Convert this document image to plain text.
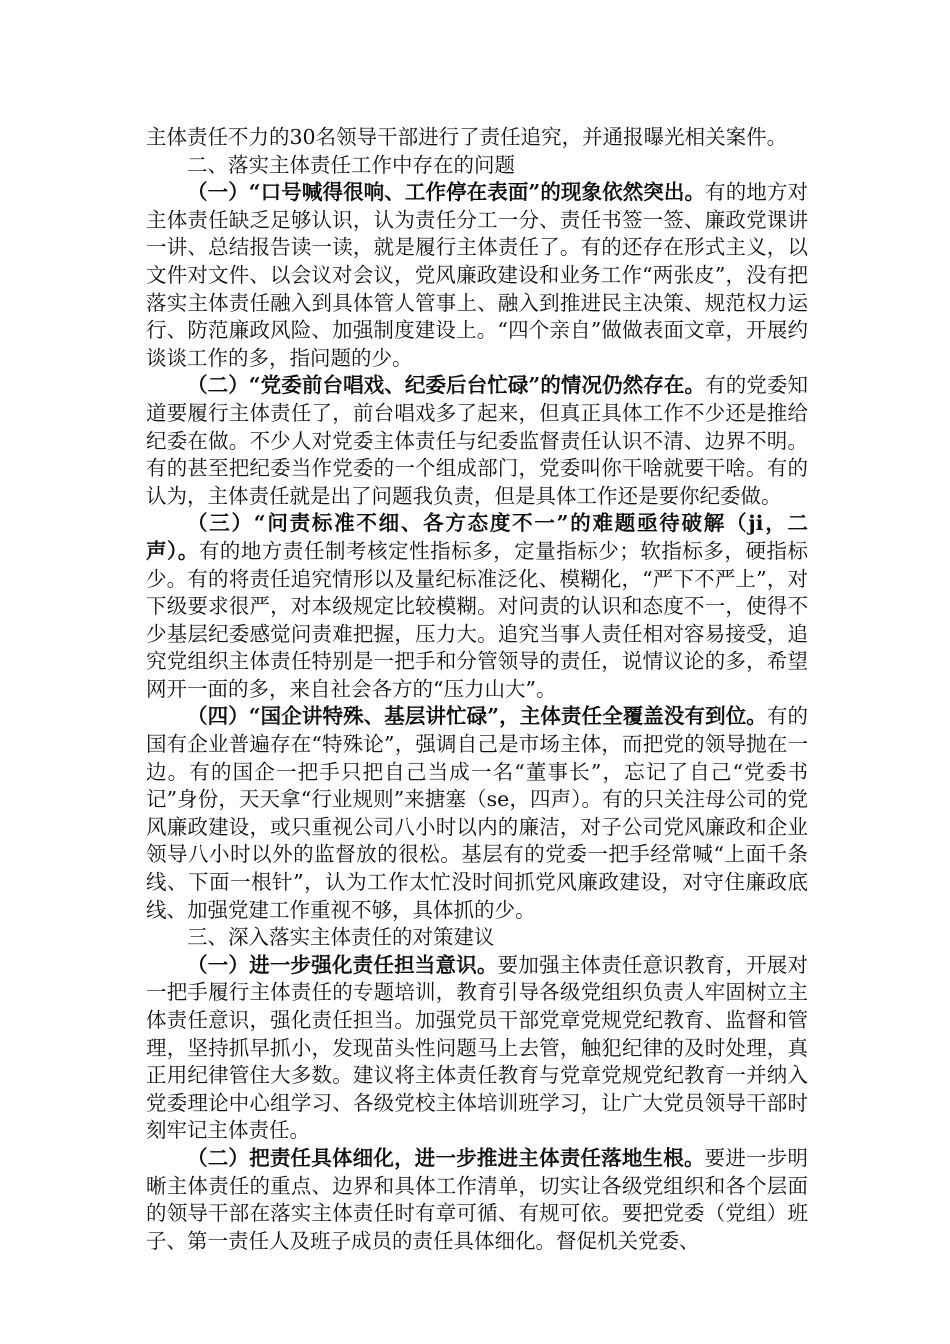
主体责任不力的30名领导干部进行了责任追究，并通报曝光相关案件。

二、落实主体责任工作中存在的问题

（一）“口号喊得很响、工作停在表面”的现象依然突出。有的地方对主体责任缺乏足够认识，认为责任分工一分、责任书签一签、廉政党课讲一讲、总结报告读一读，就是履行主体责任了。有的还存在形式主义，以文件对文件、以会议对会议，党风廉政建设和业务工作“两张皮”，没有把落实主体责任融入到具体管人管事上、融入到推进民主决策、规范权力运行、防范廉政风险、加强制度建设上。“四个亲自”做做表面文章，开展约谈谈工作的多，指问题的少。

（二）“党委前台唱戏、纪委后台忙碌”的情况仍然存在。有的党委知道要履行主体责任了，前台唱戏多了起来，但真正具体工作不少还是推给纪委在做。不少人对党委主体责任与纪委监督责任认识不清、边界不明。有的甚至把纪委当作党委的一个组成部门，党委叫你干啥就要干啥。有的认为，主体责任就是出了问题我负责，但是具体工作还是要你纪委做。

（三）“问责标准不细、各方态度不一”的难题亟待破解（ji，二声）。有的地方责任制考核定性指标多，定量指标少；软指标多，硬指标少。有的将责任追究情形以及量纪标准泛化、模糊化，“严下不严上”，对下级要求很严，对本级规定比较模糊。对问责的认识和态度不一，使得不少基层纪委感觉问责难把握，压力大。追究当事人责任相对容易接受，追究党组织主体责任特别是一把手和分管领导的责任，说情议论的多，希望网开一面的多，来自社会各方的“压力山大”。

（四）“国企讲特殊、基层讲忙碌”，主体责任全覆盖没有到位。有的国有企业普遍存在“特殊论”，强调自己是市场主体，而把党的领导抛在一边。有的国企一把手只把自己当成一名“董事长”，忘记了自己“党委书记”身份，天天拿“行业规则”来搪塞（se，四声）。有的只关注母公司的党风廉政建设，或只重视公司八小时以内的廉洁，对子公司党风廉政和企业领导八小时以外的监督放的很松。基层有的党委一把手经常喊“上面千条线、下面一根针”，认为工作太忙没时间抓党风廉政建设，对守住廉政底线、加强党建工作重视不够，具体抓的少。

三、深入落实主体责任的对策建议

（一）进一步强化责任担当意识。要加强主体责任意识教育，开展对一把手履行主体责任的专题培训，教育引导各级党组织负责人牢固树立主体责任意识，强化责任担当。加强党员干部党章党规党纪教育、监督和管理，坚持抓早抓小，发现苗头性问题马上去管，触犯纪律的及时处理，真正用纪律管住大多数。建议将主体责任教育与党章党规党纪教育一并纳入党委理论中心组学习、各级党校主体培训班学习，让广大党员领导干部时刻牢记主体责任。

（二）把责任具体细化，进一步推进主体责任落地生根。要进一步明晰主体责任的重点、边界和具体工作清单，切实让各级党组织和各个层面的领导干部在落实主体责任时有章可循、有规可依。要把党委（党组）班子、第一责任人及班子成员的责任具体细化。督促机关党委、
